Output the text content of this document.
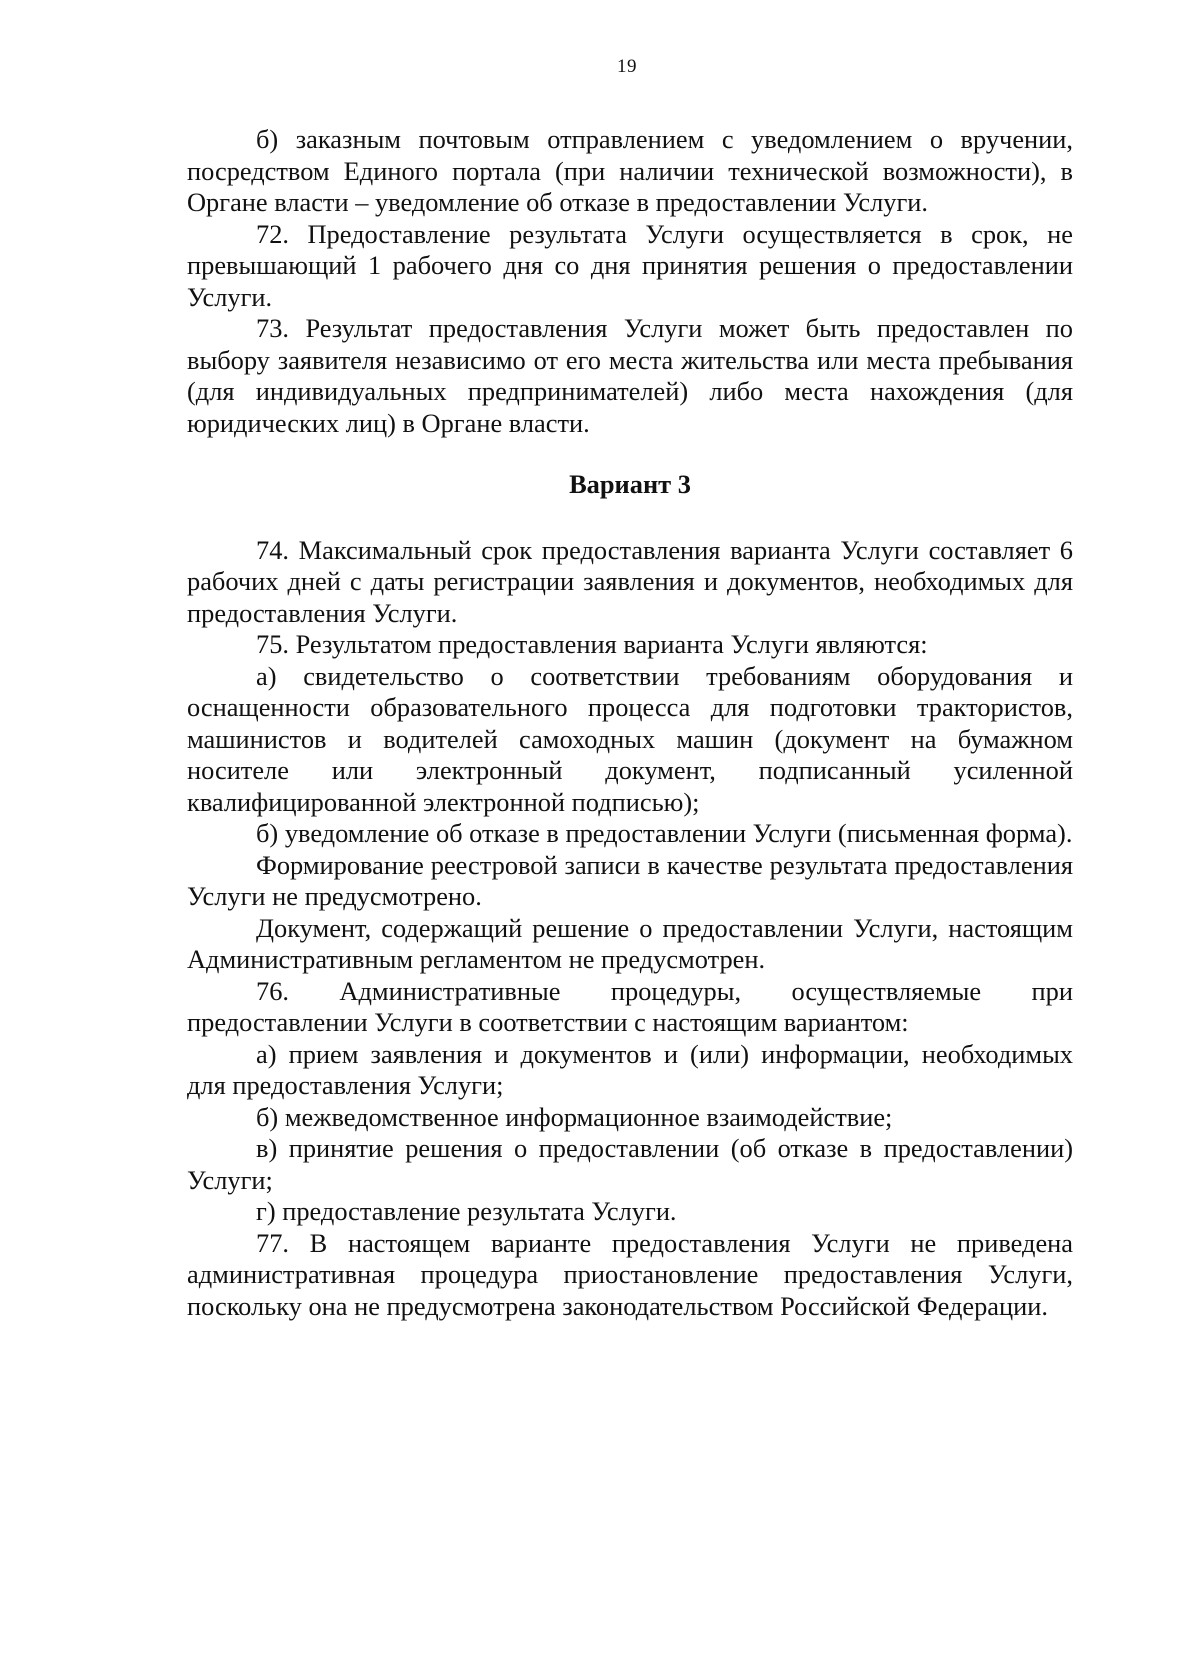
19

б) заказным почтовым отправлением с уведомлением о вручении, посредством Единого портала (при наличии технической возможности), в Органе власти – уведомление об отказе в предоставлении Услуги.

72. Предоставление результата Услуги осуществляется в срок, не превышающий 1 рабочего дня со дня принятия решения о предоставлении Услуги.

73. Результат предоставления Услуги может быть предоставлен по выбору заявителя независимо от его места жительства или места пребывания (для индивидуальных предпринимателей) либо места нахождения (для юридических лиц) в Органе власти.

Вариант 3

74. Максимальный срок предоставления варианта Услуги составляет 6 рабочих дней с даты регистрации заявления и документов, необходимых для предоставления Услуги.

75. Результатом предоставления варианта Услуги являются:

а) свидетельство о соответствии требованиям оборудования и оснащенности образовательного процесса для подготовки трактористов, машинистов и водителей самоходных машин (документ на бумажном носителе или электронный документ, подписанный усиленной квалифицированной электронной подписью);

б) уведомление об отказе в предоставлении Услуги (письменная форма).

Формирование реестровой записи в качестве результата предоставления Услуги не предусмотрено.

Документ, содержащий решение о предоставлении Услуги, настоящим Административным регламентом не предусмотрен.

76. Административные процедуры, осуществляемые при предоставлении Услуги в соответствии с настоящим вариантом:

а) прием заявления и документов и (или) информации, необходимых для предоставления Услуги;

б) межведомственное информационное взаимодействие;

в) принятие решения о предоставлении (об отказе в предоставлении) Услуги;

г) предоставление результата Услуги.

77. В настоящем варианте предоставления Услуги не приведена административная процедура приостановление предоставления Услуги, поскольку она не предусмотрена законодательством Российской Федерации.
